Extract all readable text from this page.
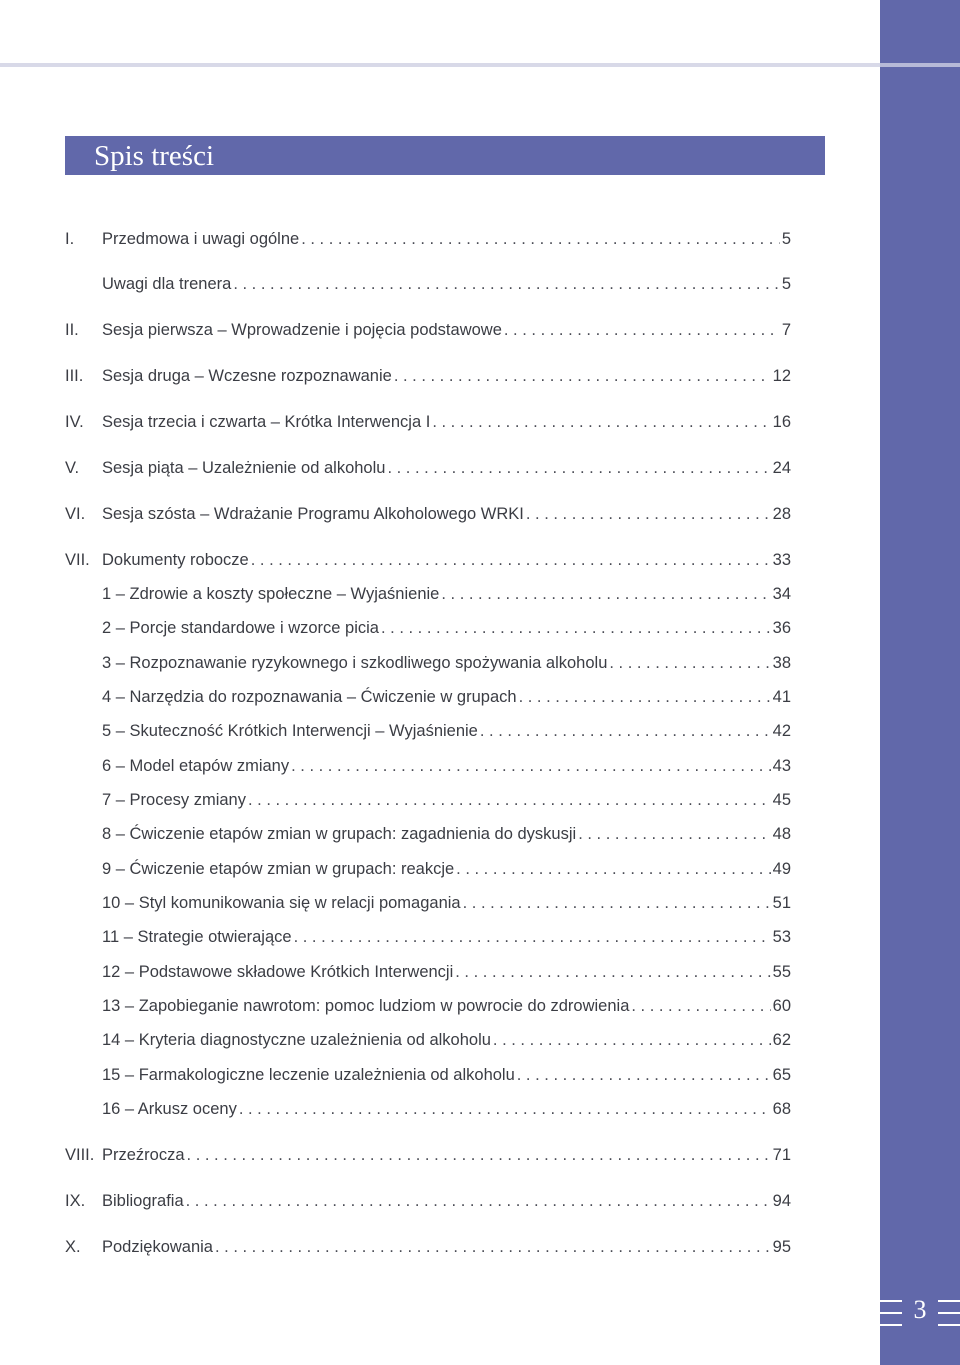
Spis treści
I. Przedmowa i uwagi ogólne . . .	5
Uwagi dla trenera . . .	5
II. Sesja pierwsza – Wprowadzenie i pojęcia podstawowe . . .	7
III. Sesja druga – Wczesne rozpoznawanie . . .	12
IV. Sesja trzecia i czwarta – Krótka Interwencja I . . .	16
V. Sesja piąta – Uzależnienie od alkoholu . . .	24
VI. Sesja szósta – Wdrażanie Programu Alkoholowego WRKI . . .	28
VII. Dokumenty robocze . . .	33
1 – Zdrowie a koszty społeczne – Wyjaśnienie . . .	34
2 – Porcje standardowe i wzorce picia . . .	36
3 – Rozpoznawanie ryzykownego i szkodliwego spożywania alkoholu . . .	38
4 – Narzędzia do rozpoznawania – Ćwiczenie w grupach . . .	41
5 – Skuteczność Krótkich Interwencji – Wyjaśnienie . . .	42
6 – Model etapów zmiany . . .	43
7 – Procesy zmiany . . .	45
8 – Ćwiczenie etapów zmian w grupach: zagadnienia do dyskusji . . .	48
9 – Ćwiczenie etapów zmian w grupach: reakcje . . .	49
10 – Styl komunikowania się w relacji pomagania . . .	51
11 – Strategie otwierające . . .	53
12 – Podstawowe składowe Krótkich Interwencji . . .	55
13 – Zapobieganie nawrotom: pomoc ludziom w powrocie do zdrowienia . . .	60
14 – Kryteria diagnostyczne uzależnienia od alkoholu . . .	62
15 – Farmakologiczne leczenie uzależnienia od alkoholu . . .	65
16 – Arkusz oceny . . .	68
VIII. Przeźrocza . . .	71
IX. Bibliografia . . .	94
X. Podziękowania . . .	95
3
